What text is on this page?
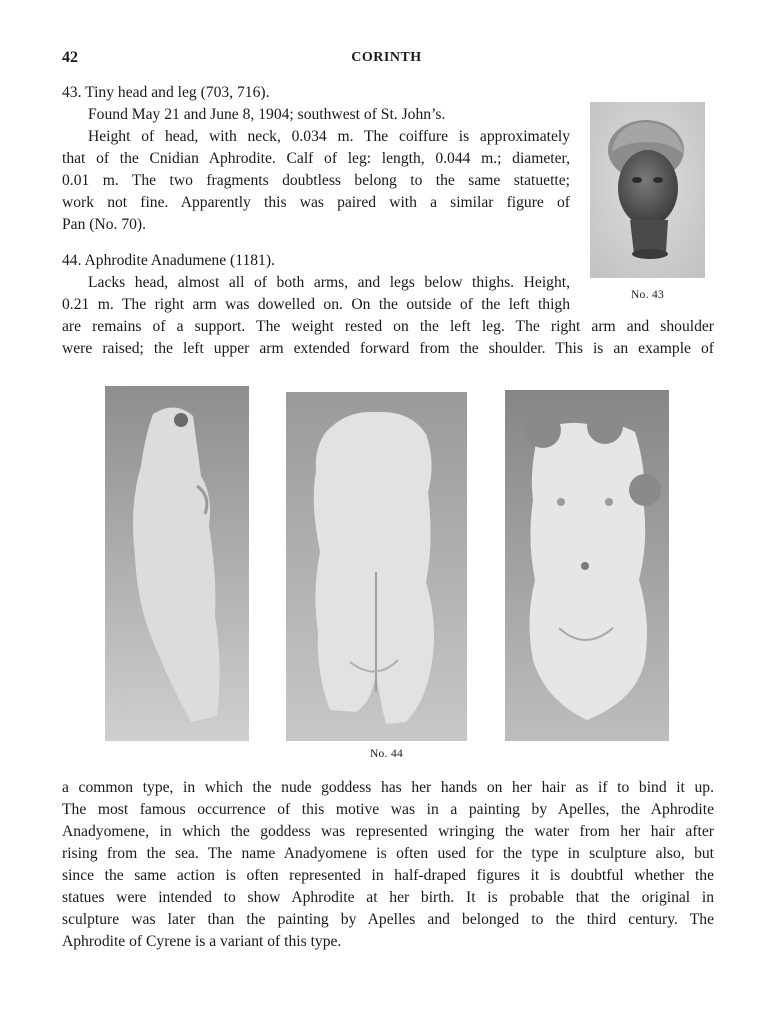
42	CORINTH

43. Tiny head and leg (703, 716).

Found May 21 and June 8, 1904; southwest of St. John’s.

Height of head, with neck, 0.034 m. The coiffure is approximately
that of the Cnidian Aphrodite. Calf of leg: length, 0.044 m.; diameter,
0.01 m. The two fragments doubtless belong to the same statuette;
work not fine. Apparently this was paired with a similar figure of
Pan (No. 70).
No. 43

44. Aphrodite Anadumene (1181).

Lacks head, almost all of both arms, and legs below thighs. Height,
0.21 m. The right arm was dowelled on. On the outside of the left thigh
are remains of a support. The weight rested on the left leg. The right arm and shoulder
were raised; the left upper arm extended forward from the shoulder. This is an example of
No. 44
a common type, in which the nude goddess has her hands on her hair as if to bind it up.
The most famous occurrence of this motive was in a painting by Apelles, the Aphrodite
Anadyomene, in which the goddess was represented wringing the water from her hair after
rising from the sea. The name Anadyomene is often used for the type in sculpture also, but
since the same action is often represented in half-draped figures it is doubtful whether the
statues were intended to show Aphrodite at her birth. It is probable that the original in
sculpture was later than the painting by Apelles and belonged to the third century. The
Aphrodite of Cyrene is a variant of this type.
